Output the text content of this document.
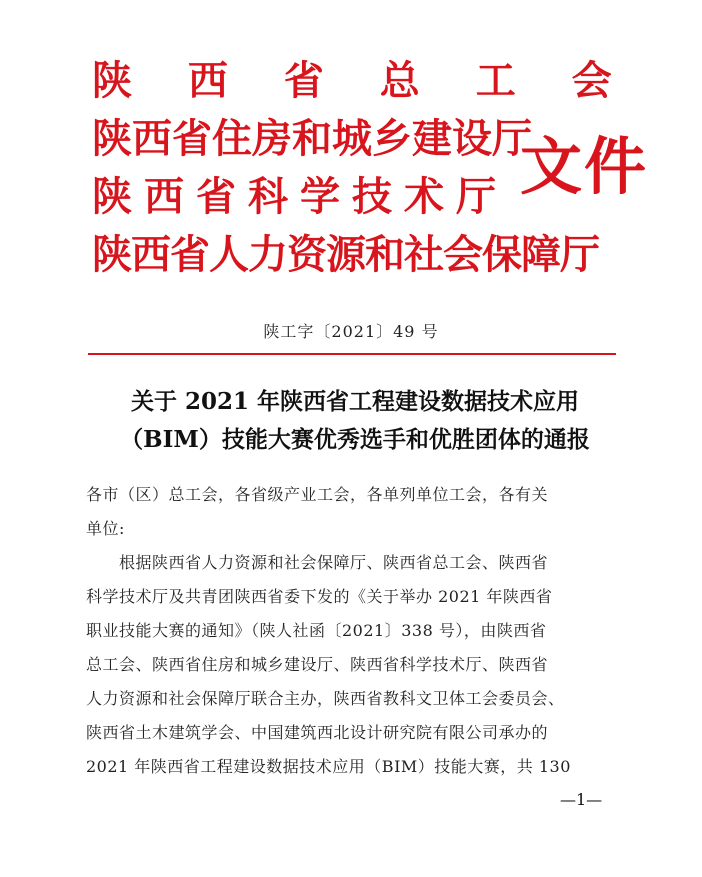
陕 西 省 总 工 会
陕西省住房和城乡建设厅
陕西省科学技术厅
陕西省人力资源和社会保障厅
文件
陕工字〔2021〕49 号
关于 2021 年陕西省工程建设数据技术应用
（BIM）技能大赛优秀选手和优胜团体的通报
各市（区）总工会，各省级产业工会，各单列单位工会，各有关
单位:
　　根据陕西省人力资源和社会保障厅、陕西省总工会、陕西省
科学技术厅及共青团陕西省委下发的《关于举办 2021 年陕西省
职业技能大赛的通知》（陕人社函〔2021〕338 号），由陕西省
总工会、陕西省住房和城乡建设厅、陕西省科学技术厅、陕西省
人力资源和社会保障厅联合主办，陕西省教科文卫体工会委员会、
陕西省土木建筑学会、中国建筑西北设计研究院有限公司承办的
2021 年陕西省工程建设数据技术应用（BIM）技能大赛，共 130
—1—
